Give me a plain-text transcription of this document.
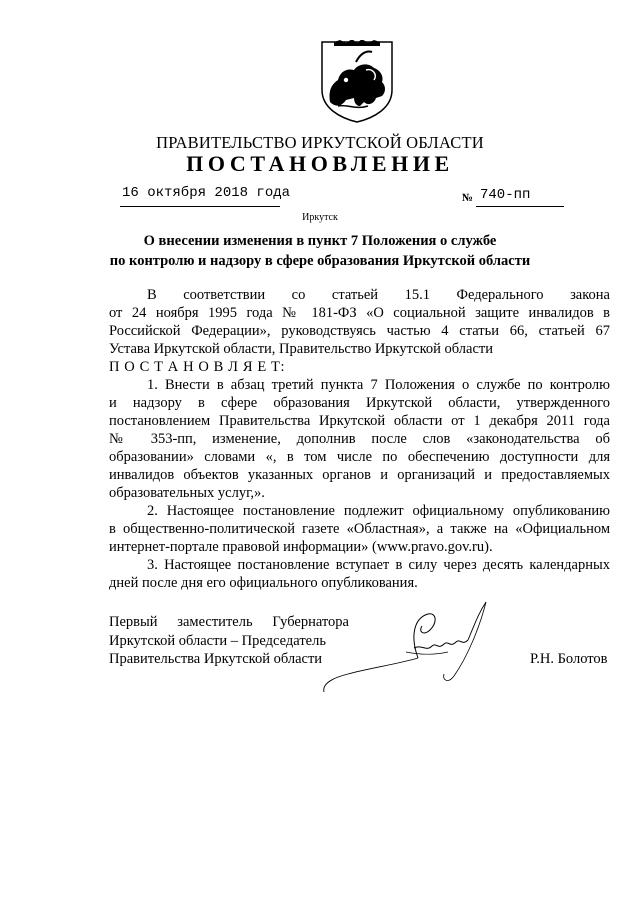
ПРАВИТЕЛЬСТВО ИРКУТСКОЙ ОБЛАСТИ
ПОСТАНОВЛЕНИЕ
16 октября 2018 года	№ 740-пп
Иркутск
О внесении изменения в пункт 7 Положения о службе
по контролю и надзору в сфере образования Иркутской области
В соответствии со статьей 15.1 Федерального закона
от 24 ноября 1995 года № 181-ФЗ «О социальной защите инвалидов в
Российской Федерации», руководствуясь частью 4 статьи 66, статьей 67
Устава Иркутской области, Правительство Иркутской области
П О С Т А Н О В Л Я Е Т:
1. Внести в абзац третий пункта 7 Положения о службе по контролю
и надзору в сфере образования Иркутской области, утвержденного
постановлением Правительства Иркутской области от 1 декабря 2011 года
№ 353-пп, изменение, дополнив после слов «законодательства об
образовании» словами «, в том числе по обеспечению доступности для
инвалидов объектов указанных органов и организаций и предоставляемых
образовательных услуг,».
2. Настоящее постановление подлежит официальному опубликованию
в общественно-политической газете «Областная», а также на «Официальном
интернет-портале правовой информации» (www.pravo.gov.ru).
3. Настоящее постановление вступает в силу через десять календарных
дней после дня его официального опубликования.
Первый заместитель Губернатора
Иркутской области – Председатель
Правительства Иркутской области	Р.Н. Болотов
